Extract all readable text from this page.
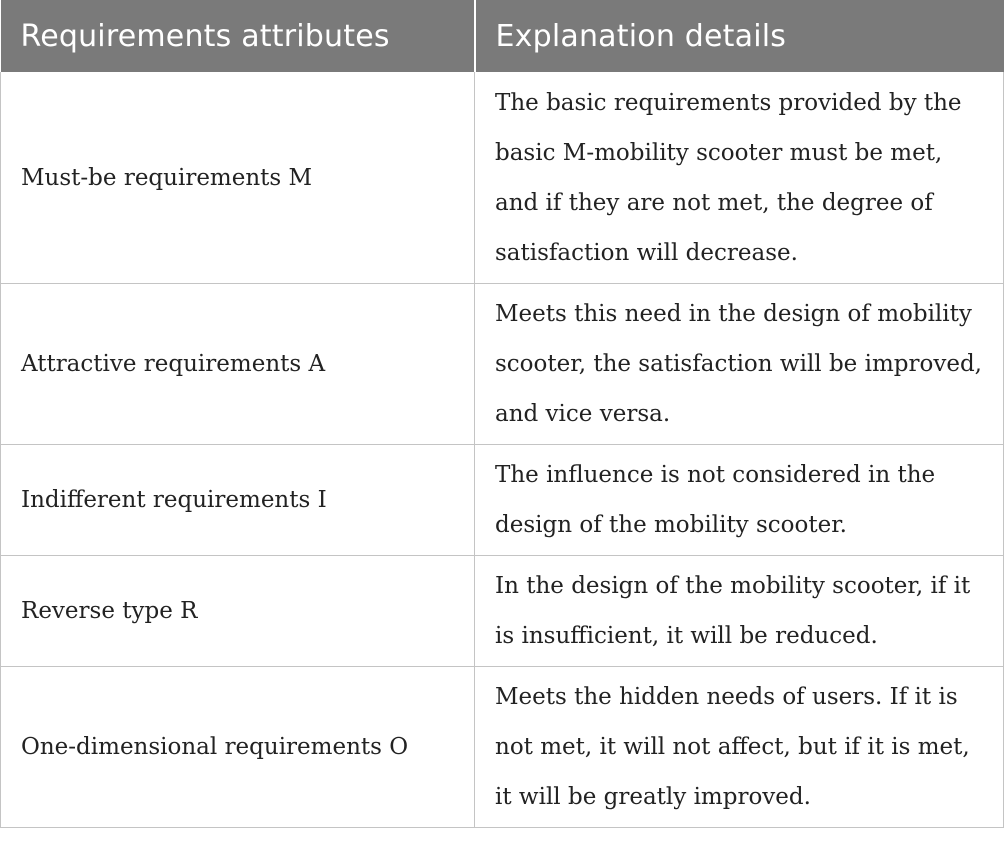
Requirements attributes	Explanation details
Must-be requirements M	The basic requirements provided by the basic M-mobility scooter must be met, and if they are not met, the degree of satisfaction will decrease.
Attractive requirements A	Meets this need in the design of mobility scooter, the satisfaction will be improved, and vice versa.
Indifferent requirements I	The influence is not considered in the design of the mobility scooter.
Reverse type R	In the design of the mobility scooter, if it is insufficient, it will be reduced.
One-dimensional requirements O	Meets the hidden needs of users. If it is not met, it will not affect, but if it is met, it will be greatly improved.
